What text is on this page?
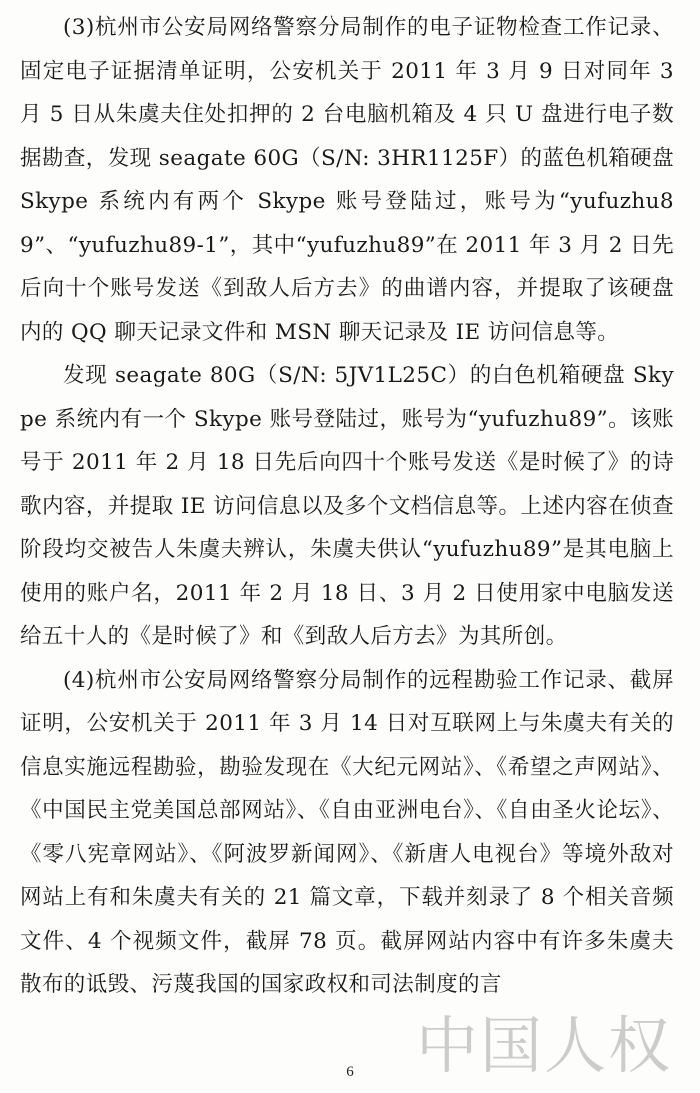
(3)杭州市公安局网络警察分局制作的电子证物检查工作记录、固定电子证据清单证明，公安机关于 2011 年 3 月 9 日对同年 3 月 5 日从朱虞夫住处扣押的 2 台电脑机箱及 4 只 U 盘进行电子数据勘查，发现 seagate 60G（S/N: 3HR1125F）的蓝色机箱硬盘 Skype 系统内有两个 Skype 账号登陆过，账号为“yufuzhu89”、“yufuzhu89-1”，其中“yufuzhu89”在 2011 年 3 月 2 日先后向十个账号发送《到敌人后方去》的曲谱内容，并提取了该硬盘内的 QQ 聊天记录文件和 MSN 聊天记录及 IE 访问信息等。

发现 seagate 80G（S/N: 5JV1L25C）的白色机箱硬盘 Skype 系统内有一个 Skype 账号登陆过，账号为“yufuzhu89”。该账号于 2011 年 2 月 18 日先后向四十个账号发送《是时候了》的诗歌内容，并提取 IE 访问信息以及多个文档信息等。上述内容在侦查阶段均交被告人朱虞夫辨认，朱虞夫供认“yufuzhu89”是其电脑上使用的账户名，2011 年 2 月 18 日、3 月 2 日使用家中电脑发送给五十人的《是时候了》和《到敌人后方去》为其所创。

(4)杭州市公安局网络警察分局制作的远程勘验工作记录、截屏证明，公安机关于 2011 年 3 月 14 日对互联网上与朱虞夫有关的信息实施远程勘验，勘验发现在《大纪元网站》、《希望之声网站》、《中国民主党美国总部网站》、《自由亚洲电台》、《自由圣火论坛》、《零八宪章网站》、《阿波罗新闻网》、《新唐人电视台》等境外敌对网站上有和朱虞夫有关的 21 篇文章，下载并刻录了 8 个相关音频文件、4 个视频文件，截屏 78 页。截屏网站内容中有许多朱虞夫散布的诋毁、污蔑我国的国家政权和司法制度的言

中国人权
6
